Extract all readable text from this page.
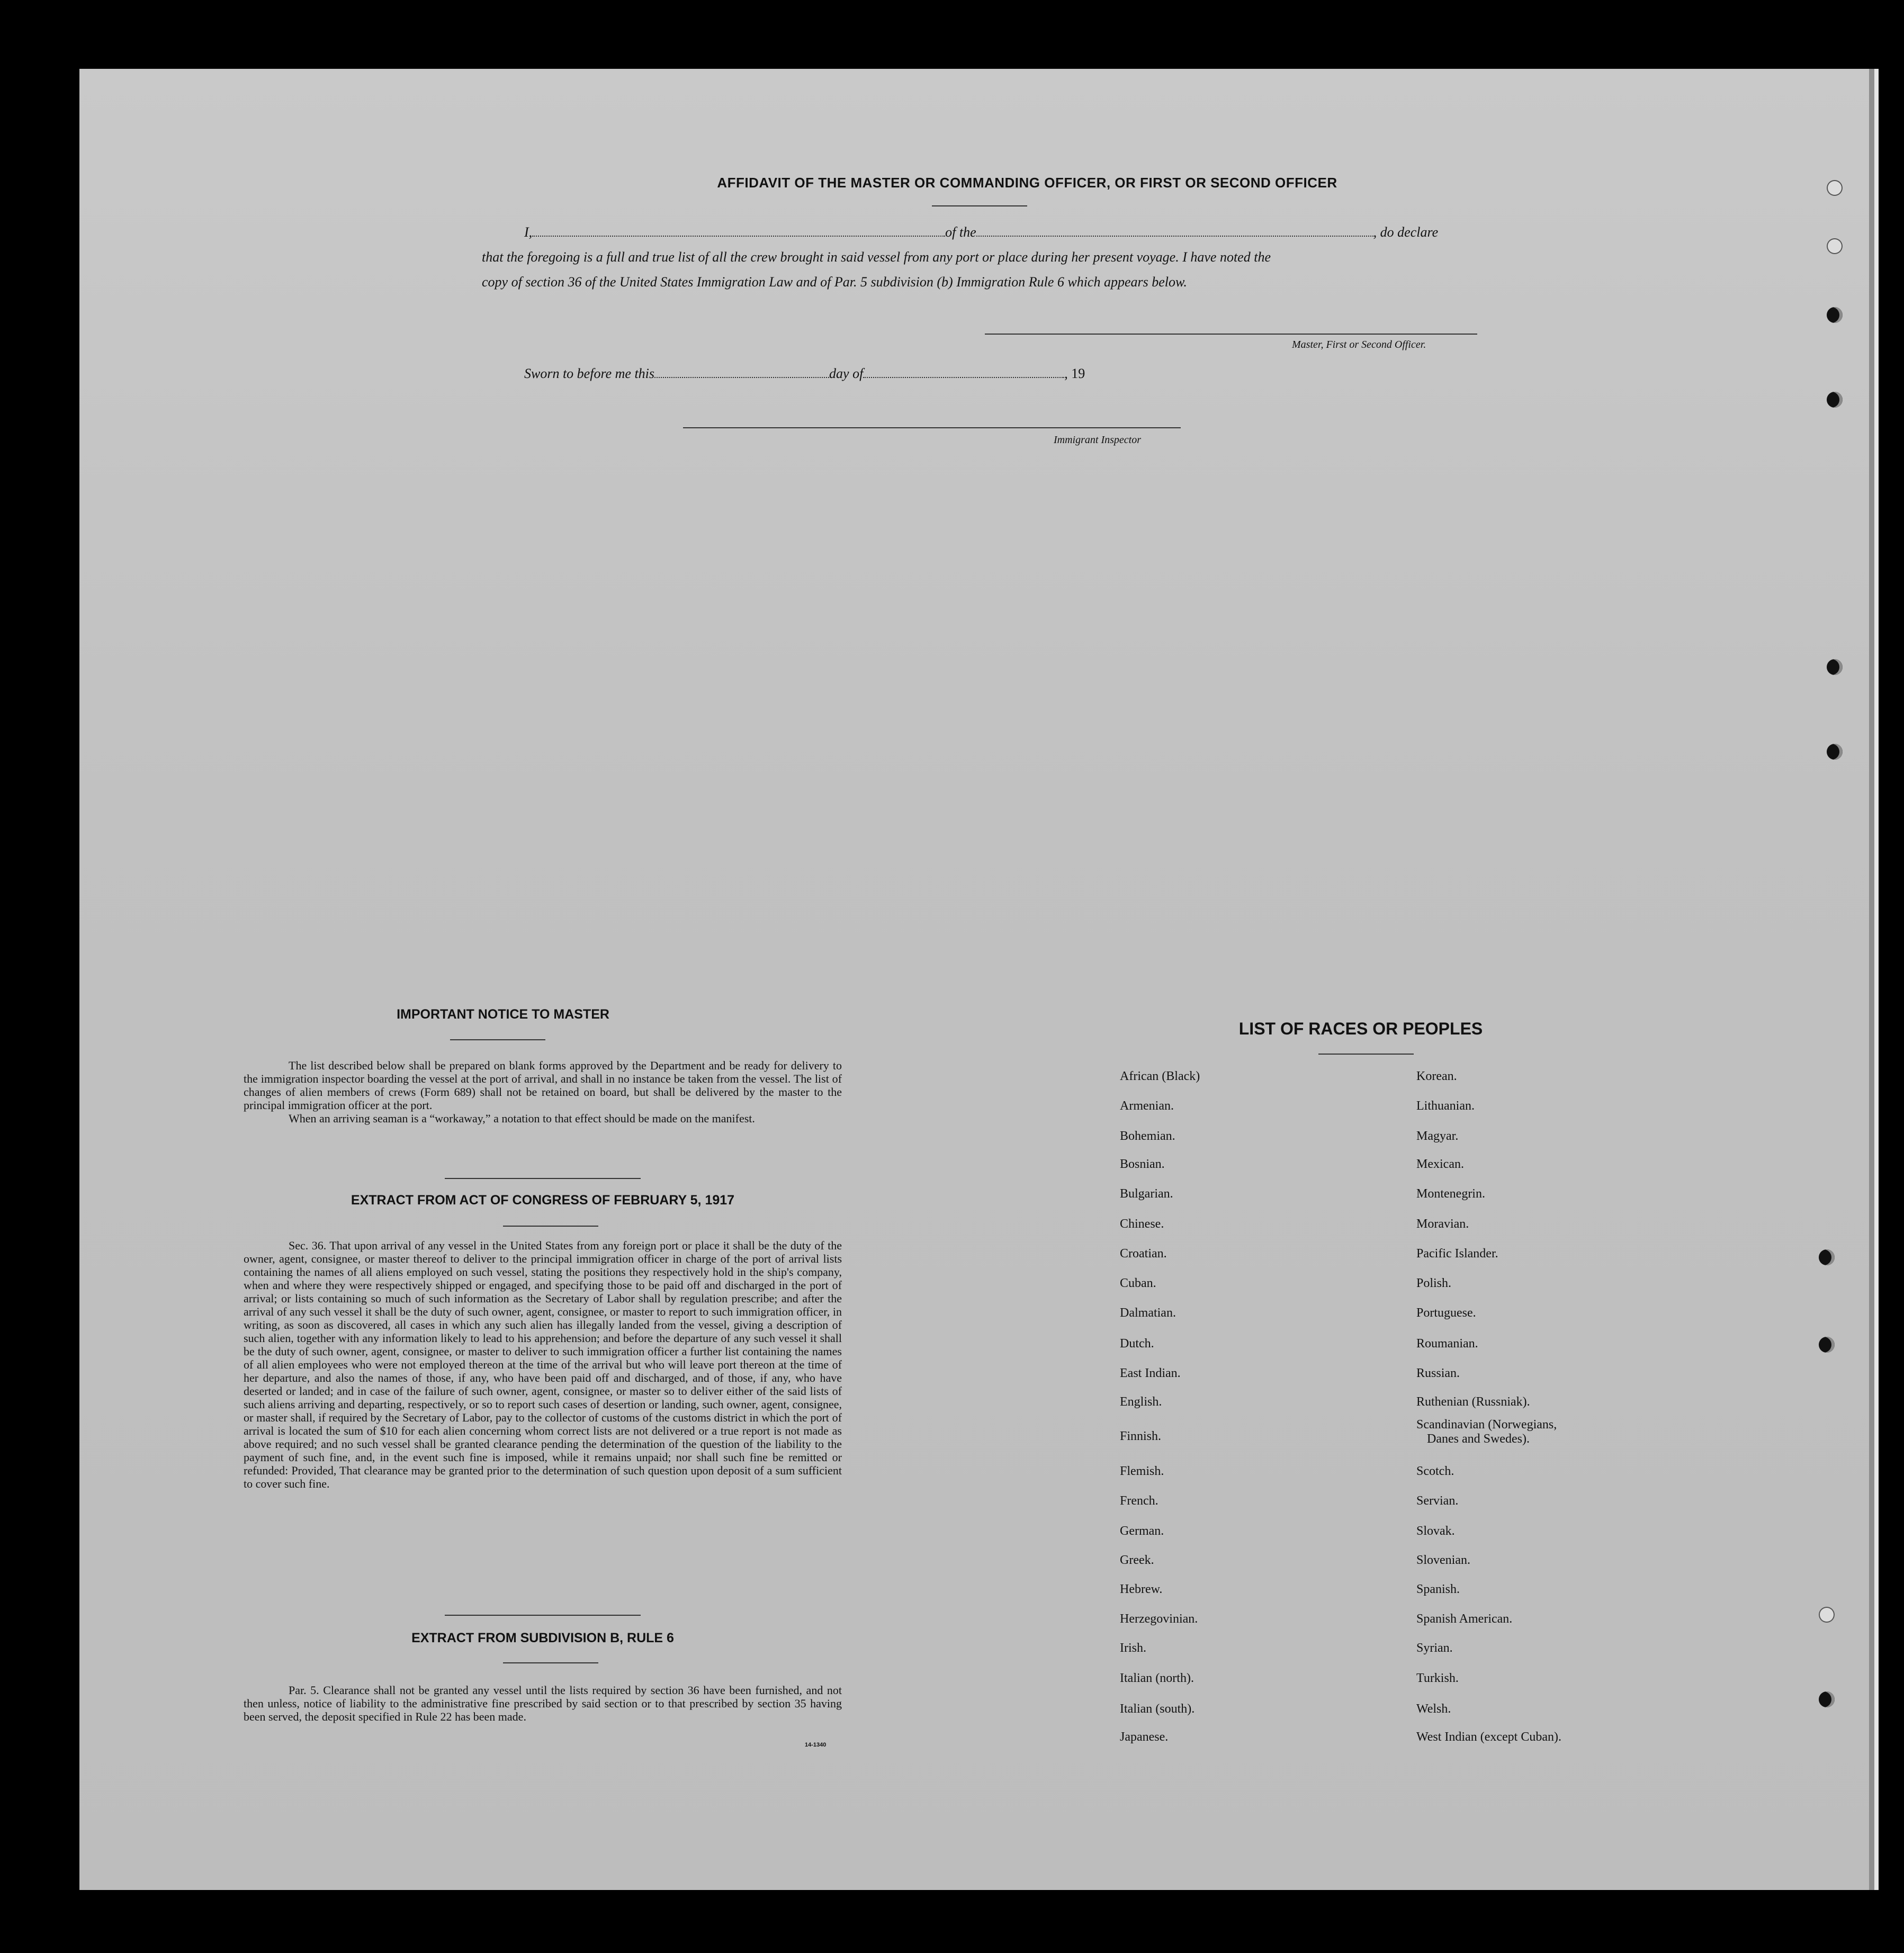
AFFIDAVIT OF THE MASTER OR COMMANDING OFFICER, OR FIRST OR SECOND OFFICER
I,	of the	, do declare
that the foregoing is a full and true list of all the crew brought in said vessel from any port or place during her present voyage. I have noted the
copy of section 36 of the United States Immigration Law and of Par. 5 subdivision (b) Immigration Rule 6 which appears below.
Master, First or Second Officer.
Sworn to before me this	day of	, 19
Immigrant Inspector
IMPORTANT NOTICE TO MASTER

The list described below shall be prepared on blank forms approved by the Department and be ready for delivery to the immigration inspector boarding the vessel at the port of arrival, and shall in no instance be taken from the vessel. The list of changes of alien members of crews (Form 689) shall not be retained on board, but shall be delivered by the master to the principal immigration officer at the port.

When an arriving seaman is a “workaway,” a notation to that effect should be made on the manifest.

EXTRACT FROM ACT OF CONGRESS OF FEBRUARY 5, 1917

Sec. 36. That upon arrival of any vessel in the United States from any foreign port or place it shall be the duty of the owner, agent, consignee, or master thereof to deliver to the principal immigration officer in charge of the port of arrival lists containing the names of all aliens employed on such vessel, stating the positions they respectively hold in the ship's company, when and where they were respectively shipped or engaged, and specifying those to be paid off and discharged in the port of arrival; or lists containing so much of such information as the Secretary of Labor shall by regulation prescribe; and after the arrival of any such vessel it shall be the duty of such owner, agent, consignee, or master to report to such immigration officer, in writing, as soon as discovered, all cases in which any such alien has illegally landed from the vessel, giving a description of such alien, together with any information likely to lead to his apprehension; and before the departure of any such vessel it shall be the duty of such owner, agent, consignee, or master to deliver to such immigration officer a further list containing the names of all alien employees who were not employed thereon at the time of the arrival but who will leave port thereon at the time of her departure, and also the names of those, if any, who have been paid off and discharged, and of those, if any, who have deserted or landed; and in case of the failure of such owner, agent, consignee, or master so to deliver either of the said lists of such aliens arriving and departing, respectively, or so to report such cases of desertion or landing, such owner, agent, consignee, or master shall, if required by the Secretary of Labor, pay to the collector of customs of the customs district in which the port of arrival is located the sum of $10 for each alien concerning whom correct lists are not delivered or a true report is not made as above required; and no such vessel shall be granted clearance pending the determination of the question of the liability to the payment of such fine, and, in the event such fine is imposed, while it remains unpaid; nor shall such fine be remitted or refunded: Provided, That clearance may be granted prior to the determination of such question upon deposit of a sum sufficient to cover such fine.

EXTRACT FROM SUBDIVISION B, RULE 6

Par. 5. Clearance shall not be granted any vessel until the lists required by section 36 have been furnished, and not then unless, notice of liability to the administrative fine prescribed by said section or to that prescribed by section 35 having been served, the deposit specified in Rule 22 has been made.

14-1340
LIST OF RACES OR PEOPLES
African (Black)
Armenian.
Bohemian.
Bosnian.
Bulgarian.
Chinese.
Croatian.
Cuban.
Dalmatian.
Dutch.
East Indian.
English.
Finnish.
Flemish.
French.
German.
Greek.
Hebrew.
Herzegovinian.
Irish.
Italian (north).
Italian (south).
Japanese.
Korean.
Lithuanian.
Magyar.
Mexican.
Montenegrin.
Moravian.
Pacific Islander.
Polish.
Portuguese.
Roumanian.
Russian.
Ruthenian (Russniak).
Scandinavian (Norwegians,
Danes and Swedes).
Scotch.
Servian.
Slovak.
Slovenian.
Spanish.
Spanish American.
Syrian.
Turkish.
Welsh.
West Indian (except Cuban).
